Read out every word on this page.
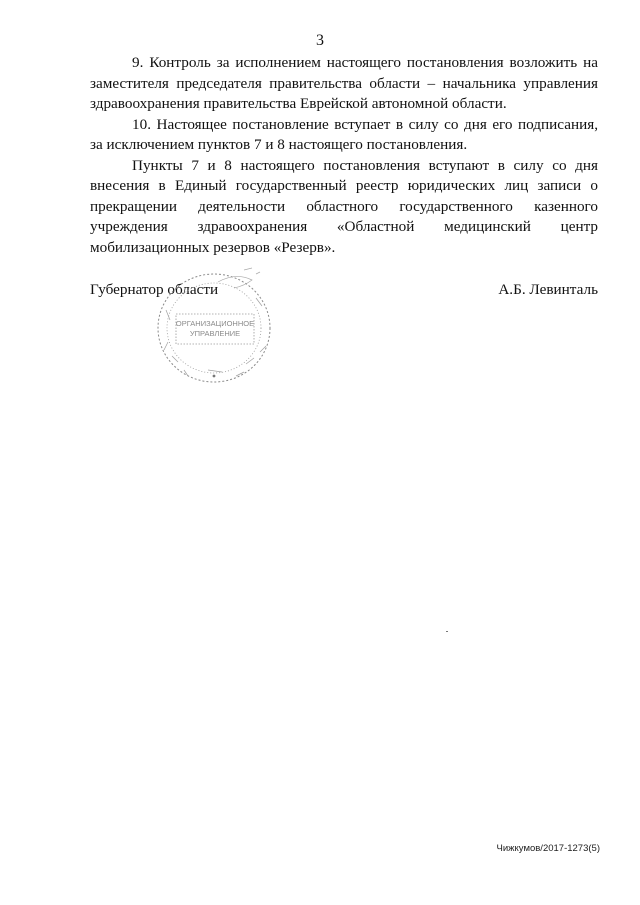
3

9. Контроль за исполнением настоящего постановления возложить на заместителя председателя правительства области – начальника управления здравоохранения правительства Еврейской автономной области.

10. Настоящее постановление вступает в силу со дня его подписания, за исключением пунктов 7 и 8 настоящего постановления.

Пункты 7 и 8 настоящего постановления вступают в силу со дня внесения в Единый государственный реестр юридических лиц записи о прекращении деятельности областного государственного казенного учреждения здравоохранения «Областной медицинский центр мобилизационных резервов «Резерв».

Губернатор области	А.Б. Левинталь
ОРГАНИЗАЦИОННОЕ
УПРАВЛЕНИЕ
Чижкумов/2017-1273(5)
